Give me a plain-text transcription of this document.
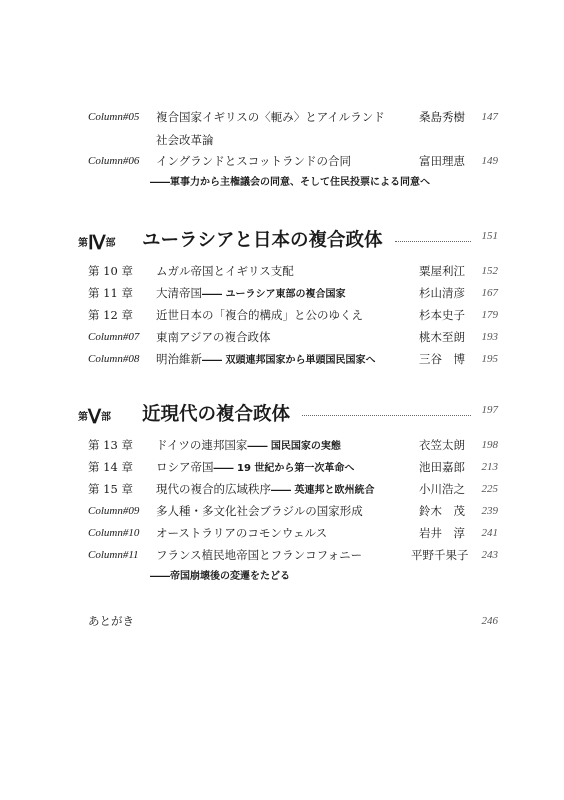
Column#05 複合国家イギリスの〈軛み〉とアイルランド	桑島秀樹	147
社会改革論
Column#06 イングランドとスコットランドの合同	富田理恵	149
――軍事力から主権議会の同意、そして住民投票による同意へ
第Ⅳ部 ユーラシアと日本の複合政体	151
第 10 章 ムガル帝国とイギリス支配	粟屋利江	152
第 11 章 大清帝国―― ユーラシア東部の複合国家	杉山清彦	167
第 12 章 近世日本の「複合的構成」と公のゆくえ	杉本史子	179
Column#07 東南アジアの複合政体	桃木至朗	193
Column#08 明治維新―― 双頭連邦国家から単頭国民国家へ	三谷　博	195
第Ⅴ部 近現代の複合政体	197
第 13 章 ドイツの連邦国家―― 国民国家の実態	衣笠太朗	198
第 14 章 ロシア帝国―― 19 世紀から第一次革命へ	池田嘉郎	213
第 15 章 現代の複合的広域秩序―― 英連邦と欧州統合	小川浩之	225
Column#09 多人種・多文化社会ブラジルの国家形成	鈴木　茂	239
Column#10 オーストラリアのコモンウェルス	岩井　淳	241
Column#11 フランス植民地帝国とフランコフォニー	平野千果子	243
――帝国崩壊後の変遷をたどる
あとがき	246
